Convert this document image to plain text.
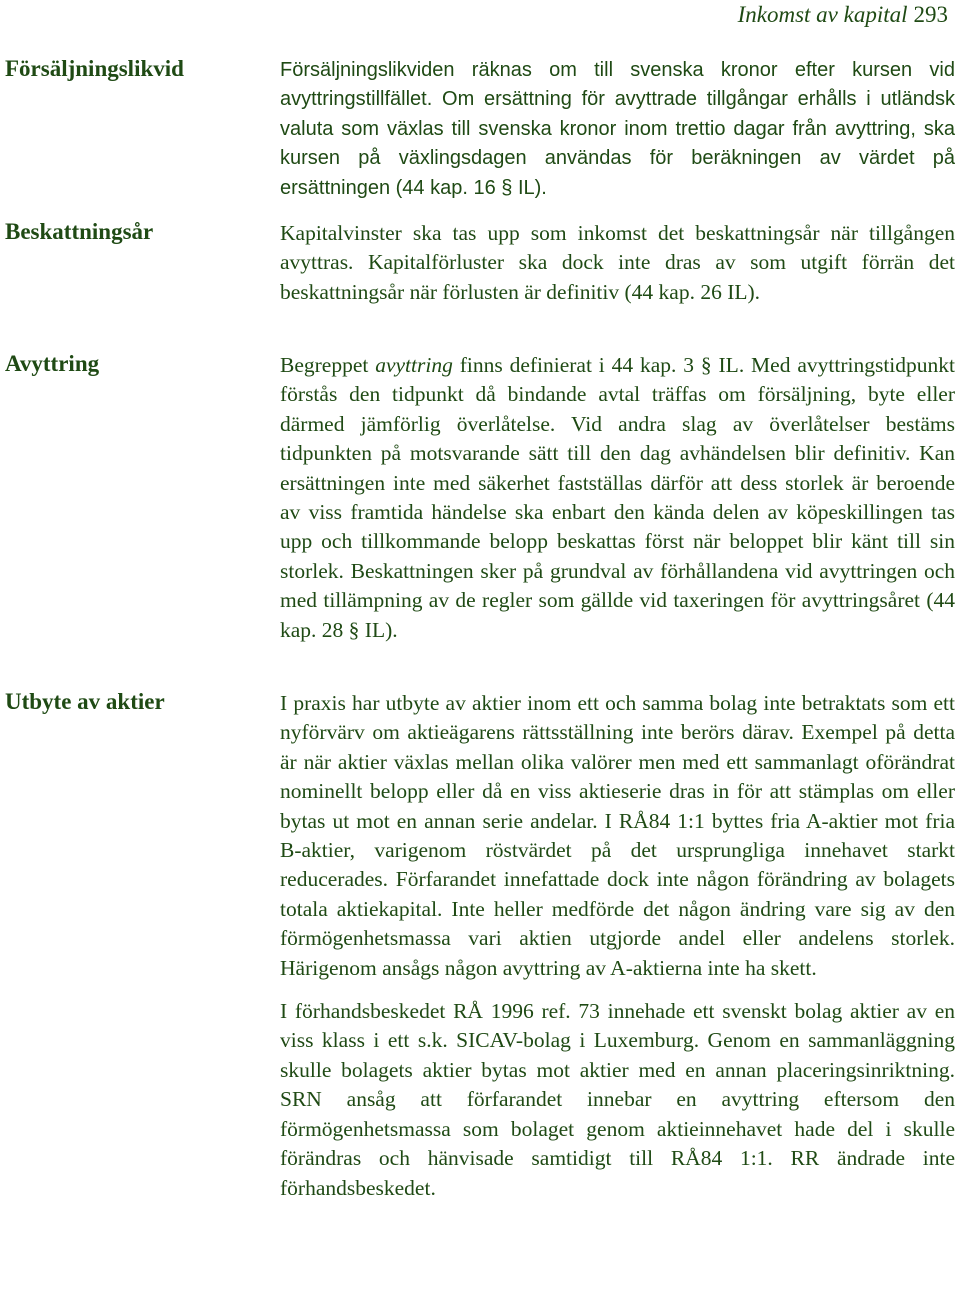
Inkomst av kapital 293
Försäljningslikvid	Försäljningslikviden räknas om till svenska kronor efter kursen vid avyttringstillfället. Om ersättning för avyttrade tillgångar erhålls i utländsk valuta som växlas till svenska kronor inom trettio dagar från avyttring, ska kursen på växlingsdagen användas för beräkningen av värdet på ersättningen (44 kap. 16 § IL).

Beskattningsår	Kapitalvinster ska tas upp som inkomst det beskattningsår när tillgången avyttras. Kapitalförluster ska dock inte dras av som utgift förrän det beskattningsår när förlusten är definitiv (44 kap. 26 IL).

Avyttring	Begreppet avyttring finns definierat i 44 kap. 3 § IL. Med avyttringstidpunkt förstås den tidpunkt då bindande avtal träffas om försäljning, byte eller därmed jämförlig överlåtelse. Vid andra slag av överlåtelser bestäms tidpunkten på motsvarande sätt till den dag avhändelsen blir definitiv. Kan ersättningen inte med säkerhet fastställas därför att dess storlek är beroende av viss framtida händelse ska enbart den kända delen av köpeskillingen tas upp och tillkommande belopp beskattas först när beloppet blir känt till sin storlek. Beskattningen sker på grundval av förhållandena vid avyttringen och med tillämpning av de regler som gällde vid taxeringen för avyttringsåret (44 kap. 28 § IL).

Utbyte av aktier	I praxis har utbyte av aktier inom ett och samma bolag inte betraktats som ett nyförvärv om aktieägarens rättsställning inte berörs därav. Exempel på detta är när aktier växlas mellan olika valörer men med ett sammanlagt oförändrat nominellt belopp eller då en viss aktieserie dras in för att stämplas om eller bytas ut mot en annan serie andelar. I RÅ84 1:1 byttes fria A-aktier mot fria B-aktier, varigenom röstvärdet på det ursprungliga innehavet starkt reducerades. Förfarandet innefattade dock inte någon förändring av bolagets totala aktiekapital. Inte heller medförde det någon ändring vare sig av den förmögenhetsmassa vari aktien utgjorde andel eller andelens storlek. Härigenom ansågs någon avyttring av A-aktierna inte ha skett.

I förhandsbeskedet RÅ 1996 ref. 73 innehade ett svenskt bolag aktier av en viss klass i ett s.k. SICAV-bolag i Luxemburg. Genom en sammanläggning skulle bolagets aktier bytas mot aktier med en annan placeringsinriktning. SRN ansåg att förfarandet innebar en avyttring eftersom den förmögenhetsmassa som bolaget genom aktieinnehavet hade del i skulle förändras och hänvisade samtidigt till RÅ84 1:1. RR ändrade inte förhandsbeskedet.
